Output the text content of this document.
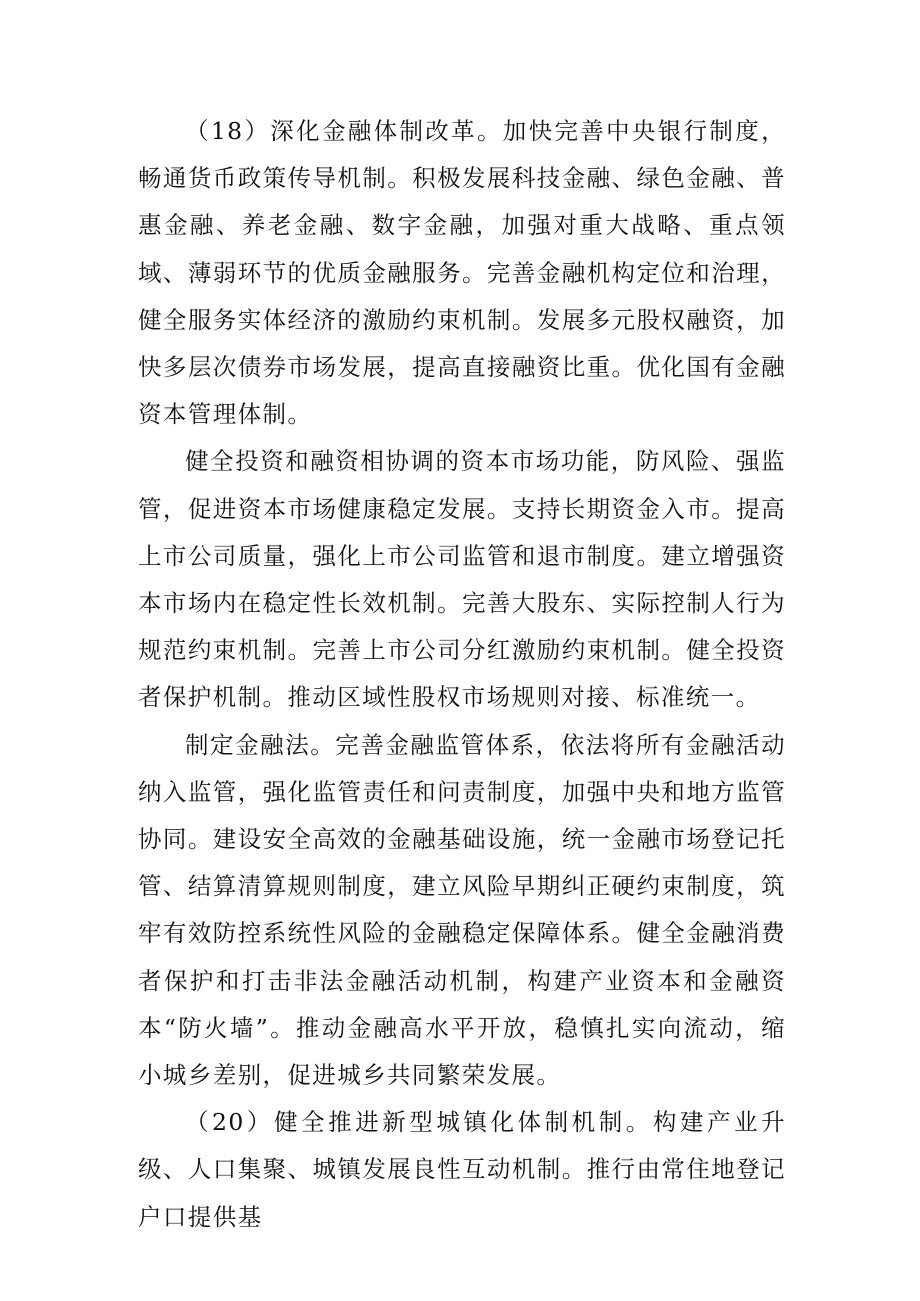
（18）深化金融体制改革。加快完善中央银行制度，畅通货币政策传导机制。积极发展科技金融、绿色金融、普惠金融、养老金融、数字金融，加强对重大战略、重点领域、薄弱环节的优质金融服务。完善金融机构定位和治理，健全服务实体经济的激励约束机制。发展多元股权融资，加快多层次债券市场发展，提高直接融资比重。优化国有金融资本管理体制。

健全投资和融资相协调的资本市场功能，防风险、强监管，促进资本市场健康稳定发展。支持长期资金入市。提高上市公司质量，强化上市公司监管和退市制度。建立增强资本市场内在稳定性长效机制。完善大股东、实际控制人行为规范约束机制。完善上市公司分红激励约束机制。健全投资者保护机制。推动区域性股权市场规则对接、标准统一。

制定金融法。完善金融监管体系，依法将所有金融活动纳入监管，强化监管责任和问责制度，加强中央和地方监管协同。建设安全高效的金融基础设施，统一金融市场登记托管、结算清算规则制度，建立风险早期纠正硬约束制度，筑牢有效防控系统性风险的金融稳定保障体系。健全金融消费者保护和打击非法金融活动机制，构建产业资本和金融资本“防火墙”。推动金融高水平开放，稳慎扎实向流动，缩小城乡差别，促进城乡共同繁荣发展。

（20）健全推进新型城镇化体制机制。构建产业升级、人口集聚、城镇发展良性互动机制。推行由常住地登记户口提供基
